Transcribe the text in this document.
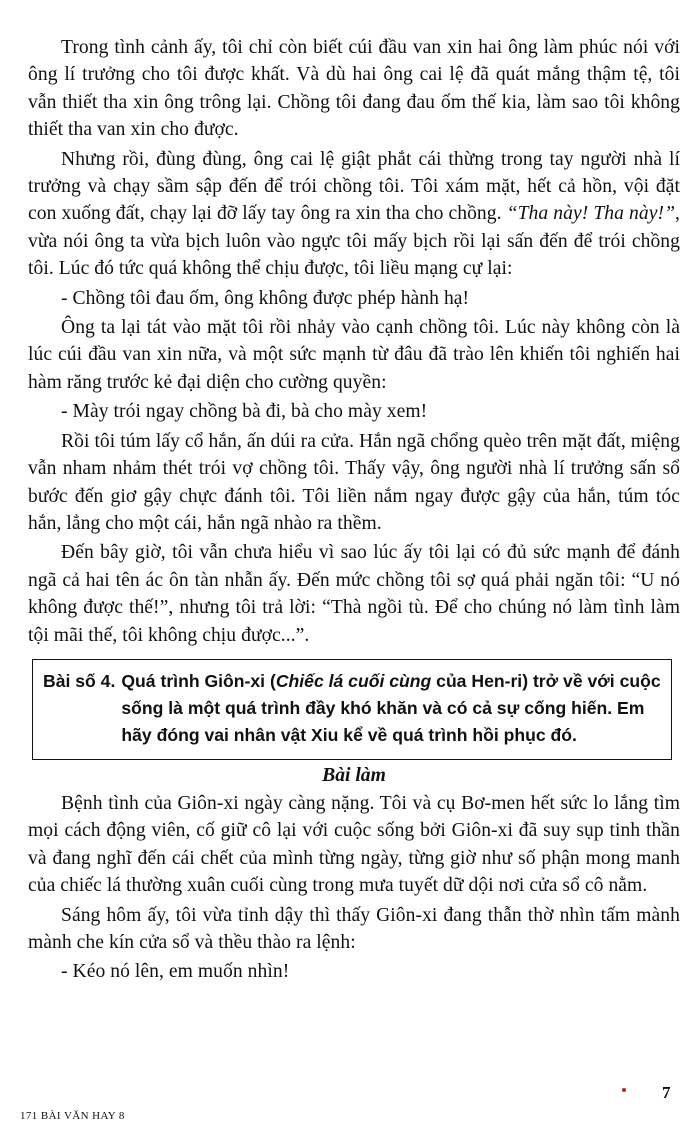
Trong tình cảnh ấy, tôi chỉ còn biết cúi đầu van xin hai ông làm phúc nói với ông lí trưởng cho tôi được khất. Và dù hai ông cai lệ đã quát mắng thậm tệ, tôi vẫn thiết tha xin ông trông lại. Chồng tôi đang đau ốm thế kia, làm sao tôi không thiết tha van xin cho được.

Nhưng rồi, đùng đùng, ông cai lệ giật phắt cái thừng trong tay người nhà lí trưởng và chạy sầm sập đến để trói chồng tôi. Tôi xám mặt, hết cả hồn, vội đặt con xuống đất, chạy lại đỡ lấy tay ông ra xin tha cho chồng. “Tha này! Tha này!”, vừa nói ông ta vừa bịch luôn vào ngực tôi mấy bịch rồi lại sấn đến để trói chồng tôi. Lúc đó tức quá không thể chịu được, tôi liều mạng cự lại:

- Chồng tôi đau ốm, ông không được phép hành hạ!

Ông ta lại tát vào mặt tôi rồi nhảy vào cạnh chồng tôi. Lúc này không còn là lúc cúi đầu van xin nữa, và một sức mạnh từ đâu đã trào lên khiến tôi nghiến hai hàm răng trước kẻ đại diện cho cường quyền:

- Mày trói ngay chồng bà đi, bà cho mày xem!

Rồi tôi túm lấy cổ hắn, ấn dúi ra cửa. Hắn ngã chổng quèo trên mặt đất, miệng vẫn nham nhảm thét trói vợ chồng tôi. Thấy vậy, ông người nhà lí trưởng sấn sổ bước đến giơ gậy chực đánh tôi. Tôi liền nắm ngay được gậy của hắn, túm tóc hắn, lẳng cho một cái, hắn ngã nhào ra thềm.

Đến bây giờ, tôi vẫn chưa hiểu vì sao lúc ấy tôi lại có đủ sức mạnh để đánh ngã cả hai tên ác ôn tàn nhẫn ấy. Đến mức chồng tôi sợ quá phải ngăn tôi: “U nó không được thế!”, nhưng tôi trả lời: “Thà ngồi tù. Để cho chúng nó làm tình làm tội mãi thế, tôi không chịu được...”.

Bài số 4. Quá trình Giôn-xi (Chiếc lá cuối cùng của Hen-ri) trở về với cuộc sống là một quá trình đầy khó khăn và có cả sự cống hiến. Em hãy đóng vai nhân vật Xiu kể về quá trình hồi phục đó.

Bài làm

Bệnh tình của Giôn-xi ngày càng nặng. Tôi và cụ Bơ-men hết sức lo lắng tìm mọi cách động viên, cố giữ cô lại với cuộc sống bởi Giôn-xi đã suy sụp tinh thần và đang nghĩ đến cái chết của mình từng ngày, từng giờ như số phận mong manh của chiếc lá thường xuân cuối cùng trong mưa tuyết dữ dội nơi cửa sổ cô nằm.

Sáng hôm ấy, tôi vừa tỉnh dậy thì thấy Giôn-xi đang thẫn thờ nhìn tấm mành mành che kín cửa sổ và thều thào ra lệnh:

- Kéo nó lên, em muốn nhìn!

171 BÀI VĂN HAY 8
7
